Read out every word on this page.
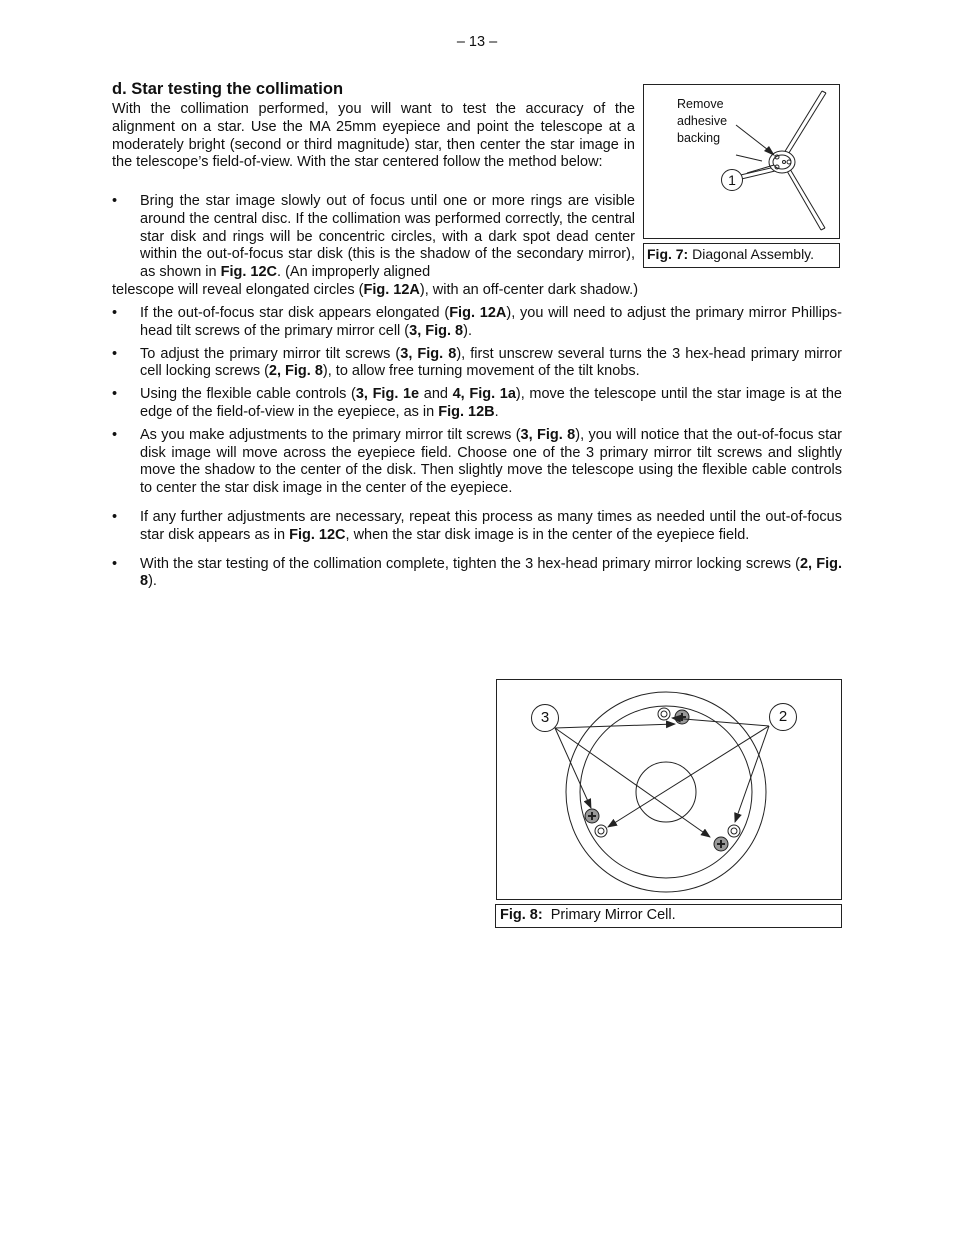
– 13 –
d. Star testing the collimation

With the collimation performed, you will want to test the accuracy of the alignment on a star. Use the MA 25mm eyepiece and point the telescope at a moderately bright (second or third magnitude) star, then center the star image in the telescope’s field-of-view. With the star centered follow the method below:

• Bring the star image slowly out of focus until one or more rings are visible around the central disc. If the collimation was performed correctly, the central star disk and rings will be concentric circles, with a dark spot dead center within the out-of-focus star disk (this is the shadow of the secondary mirror), as shown in Fig. 12C. (An improperly aligned
telescope will reveal elongated circles (Fig. 12A), with an off-center dark shadow.)
• If the out-of-focus star disk appears elongated (Fig. 12A), you will need to adjust the primary mirror Phillips-head tilt screws of the primary mirror cell (3, Fig. 8).
• To adjust the primary mirror tilt screws (3, Fig. 8), first unscrew several turns the 3 hex-head primary mirror cell locking screws (2, Fig. 8), to allow free turning movement of the tilt knobs.
• Using the flexible cable controls (3, Fig. 1e and 4, Fig. 1a), move the telescope until the star image is at the edge of the field-of-view in the eyepiece, as in Fig. 12B.
• As you make adjustments to the primary mirror tilt screws (3, Fig. 8), you will notice that the out-of-focus star disk image will move across the eyepiece field. Choose one of the 3 primary mirror tilt screws and slightly move the shadow to the center of the disk. Then slightly move the telescope using the flexible cable controls to center the star disk image in the center of the eyepiece.
• If any further adjustments are necessary, repeat this process as many times as needed until the out-of-focus star disk appears as in Fig. 12C, when the star disk image is in the center of the eyepiece field.
• With the star testing of the collimation complete, tighten the 3 hex-head primary mirror locking screws (2, Fig. 8).
Remove
adhesive
backing
1
Fig. 7: Diagonal Assembly.
3	2
Fig. 8:  Primary Mirror Cell.
